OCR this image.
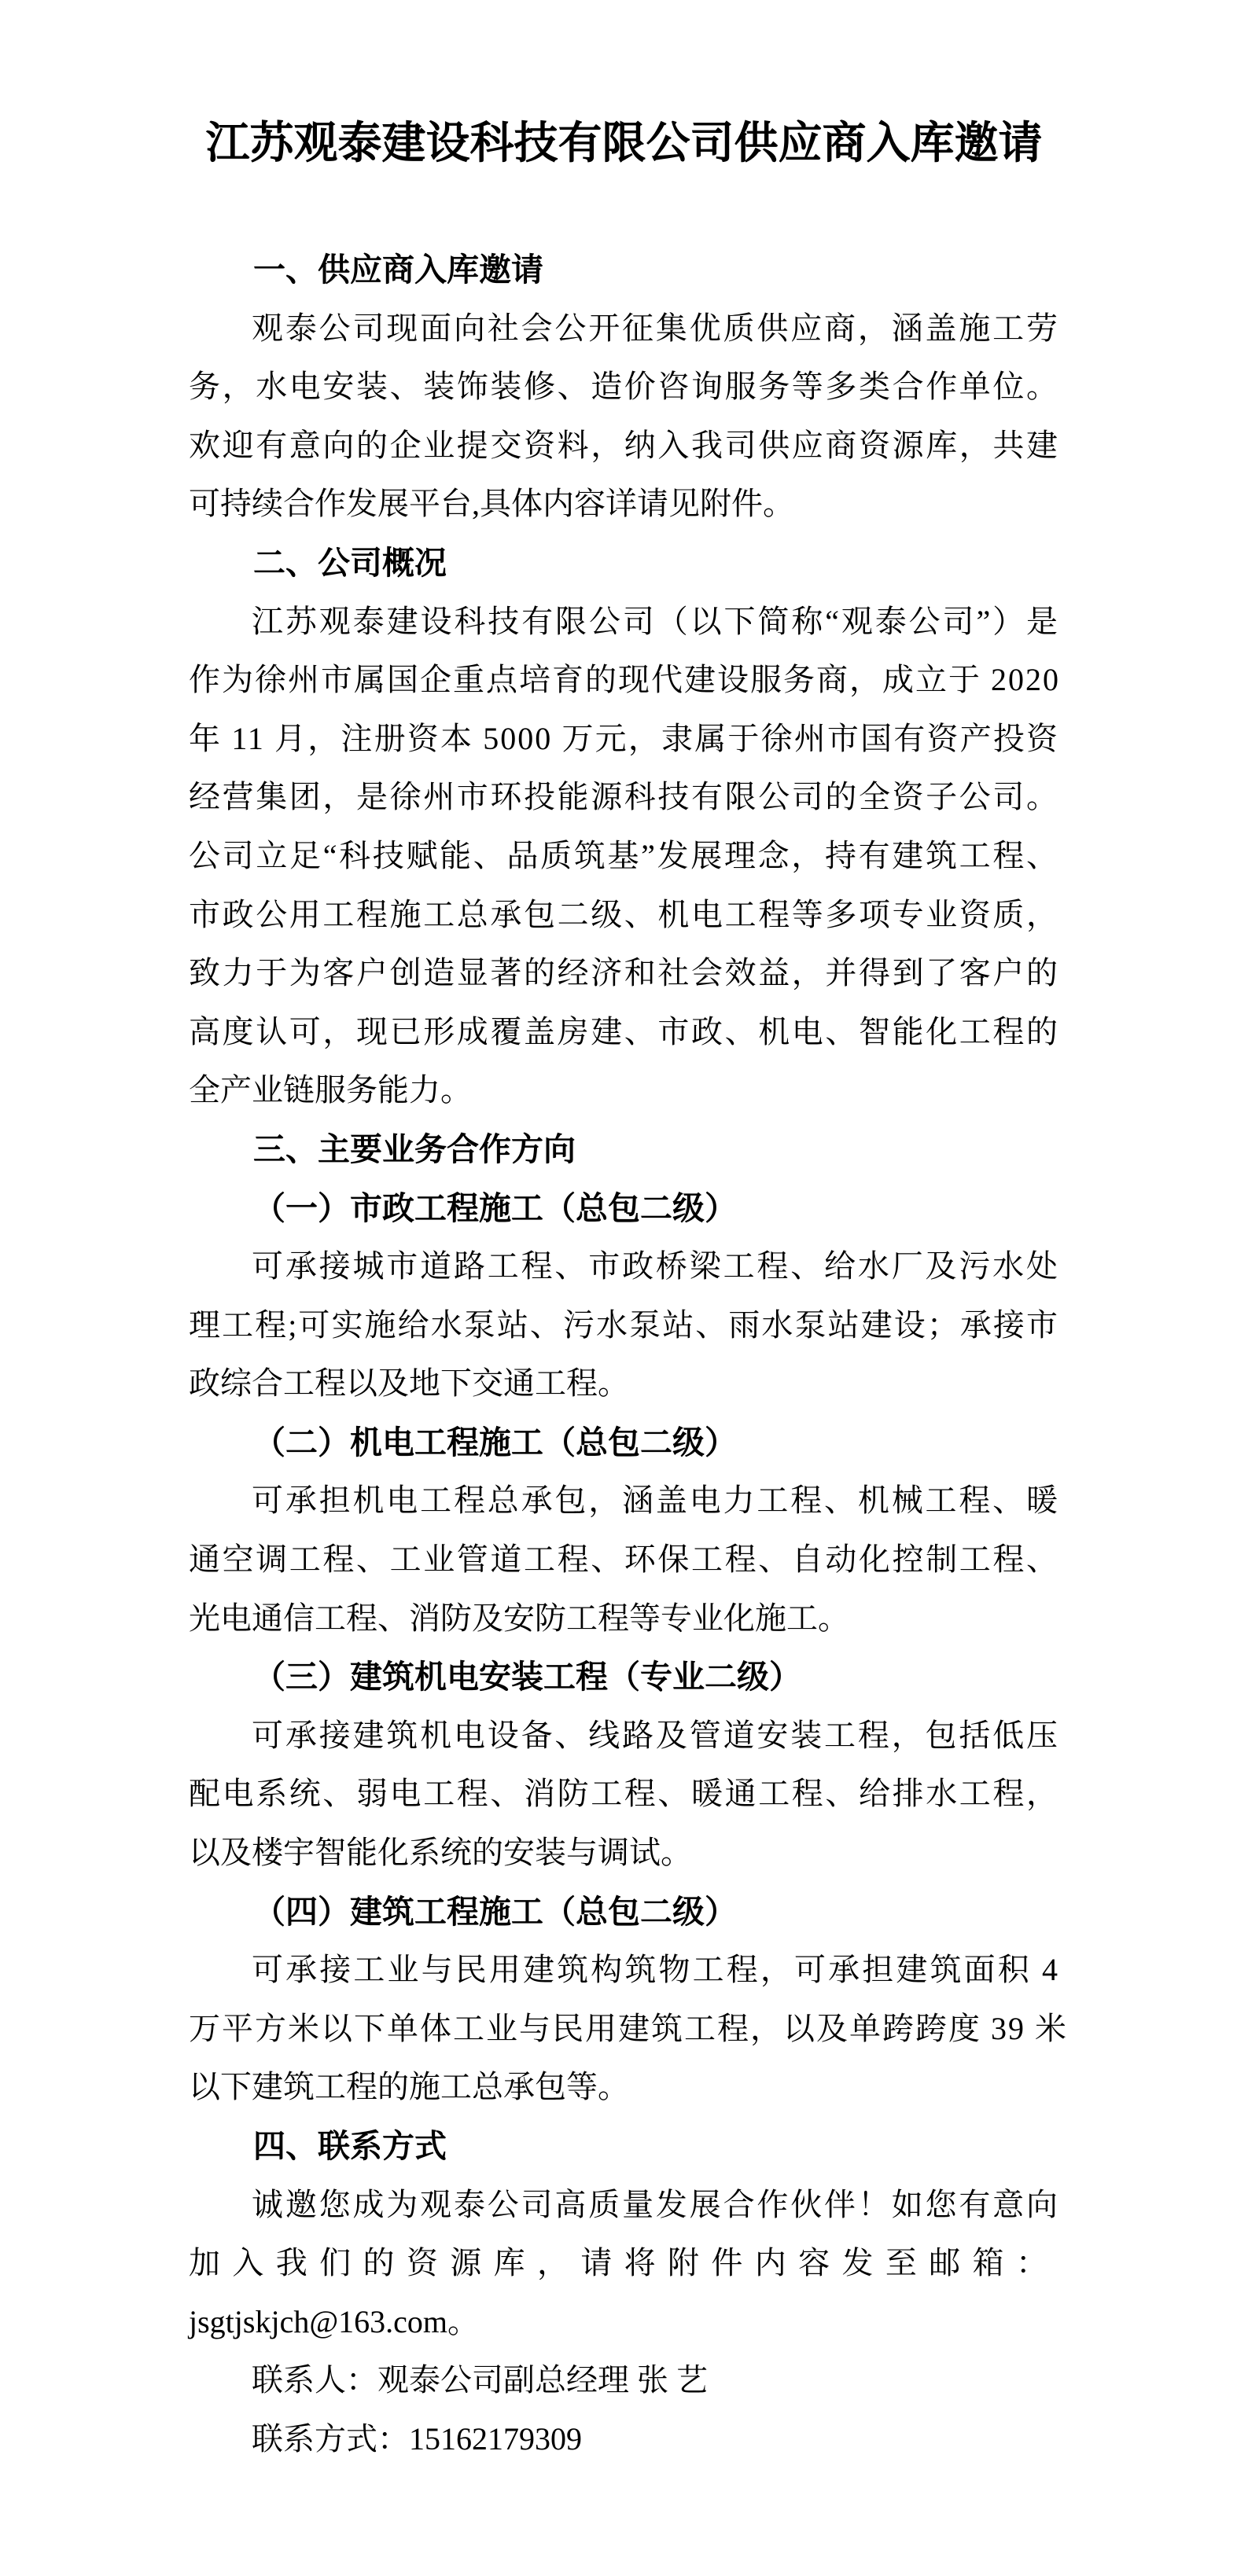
江苏观泰建设科技有限公司供应商入库邀请
一、供应商入库邀请
观泰公司现面向社会公开征集优质供应商，涵盖施工劳
务，水电安装、装饰装修、造价咨询服务等多类合作单位。
欢迎有意向的企业提交资料，纳入我司供应商资源库，共建
可持续合作发展平台,具体内容详请见附件。
二、公司概况
江苏观泰建设科技有限公司（以下简称“观泰公司”）是
作为徐州市属国企重点培育的现代建设服务商，成立于 2020
年 11 月，注册资本 5000 万元，隶属于徐州市国有资产投资
经营集团，是徐州市环投能源科技有限公司的全资子公司。
公司立足“科技赋能、品质筑基”发展理念，持有建筑工程、
市政公用工程施工总承包二级、机电工程等多项专业资质，
致力于为客户创造显著的经济和社会效益，并得到了客户的
高度认可，现已形成覆盖房建、市政、机电、智能化工程的
全产业链服务能力。
三、主要业务合作方向
（一）市政工程施工（总包二级）
可承接城市道路工程、市政桥梁工程、给水厂及污水处
理工程;可实施给水泵站、污水泵站、雨水泵站建设；承接市
政综合工程以及地下交通工程。
（二）机电工程施工（总包二级）
可承担机电工程总承包，涵盖电力工程、机械工程、暖
通空调工程、工业管道工程、环保工程、自动化控制工程、
光电通信工程、消防及安防工程等专业化施工。
（三）建筑机电安装工程（专业二级）
可承接建筑机电设备、线路及管道安装工程，包括低压
配电系统、弱电工程、消防工程、暖通工程、给排水工程，
以及楼宇智能化系统的安装与调试。
（四）建筑工程施工（总包二级）
可承接工业与民用建筑构筑物工程，可承担建筑面积 4
万平方米以下单体工业与民用建筑工程，以及单跨跨度 39 米
以下建筑工程的施工总承包等。
四、联系方式
诚邀您成为观泰公司高质量发展合作伙伴！如您有意向
加入我们的资源库，请将附件内容发至邮箱：
jsgtjskjch@163.com。
联系人：观泰公司副总经理 张 艺
联系方式：15162179309
